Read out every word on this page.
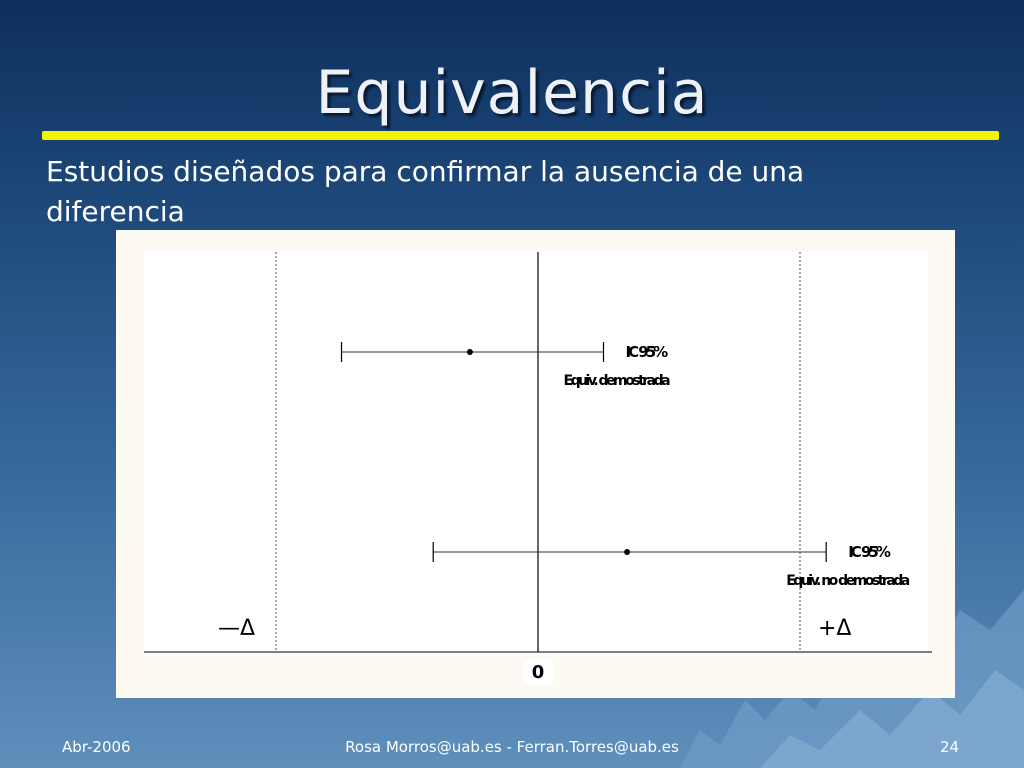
Equivalencia
Estudios diseñados para confirmar la ausencia de una diferencia
—Δ	+Δ
IC 95%
Equiv. demostrada
IC 95%
Equiv. no demostrada
0
Abr-2006	Rosa Morros@uab.es - Ferran.Torres@uab.es	24
